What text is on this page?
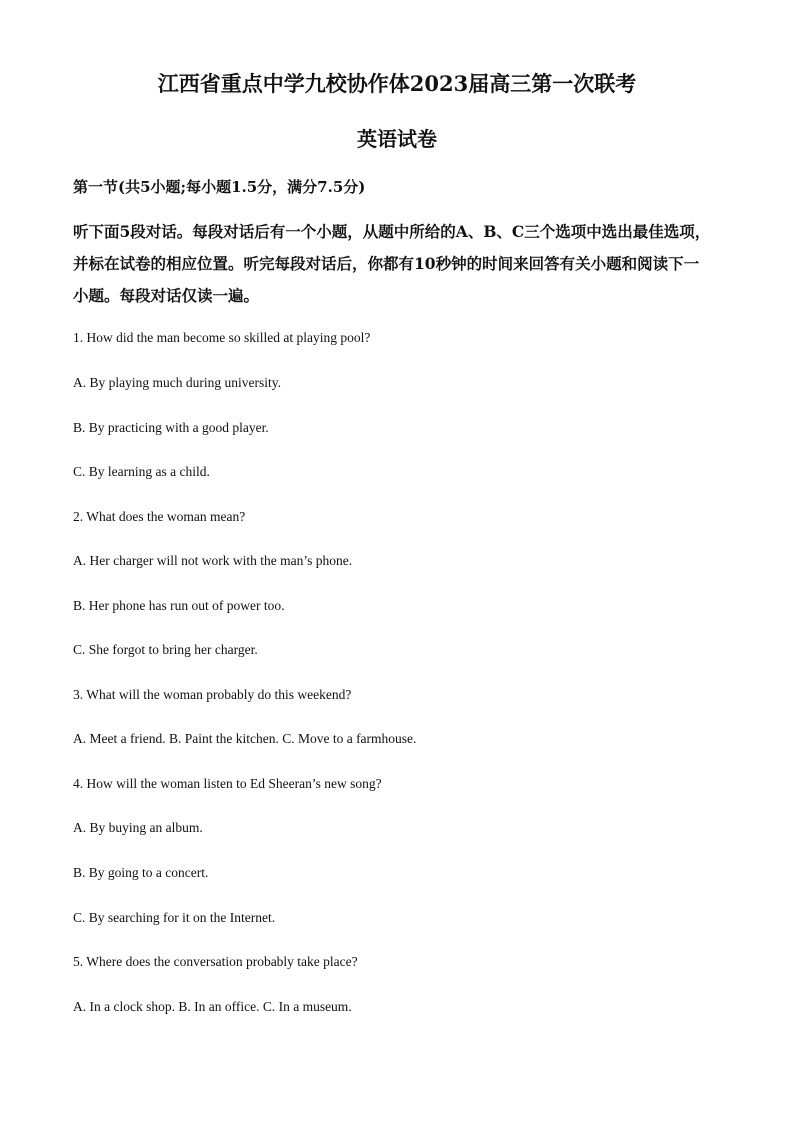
江西省重点中学九校协作体2023届高三第一次联考
英语试卷
第一节(共5小题;每小题1.5分，满分7.5分)
听下面5段对话。每段对话后有一个小题，从题中所给的A、B、C三个选项中选出最佳选项，
并标在试卷的相应位置。听完每段对话后，你都有10秒钟的时间来回答有关小题和阅读下一
小题。每段对话仅读一遍。
1. How did the man become so skilled at playing pool?
A. By playing much during university.
B. By practicing with a good player.
C. By learning as a child.
2. What does the woman mean?
A. Her charger will not work with the man’s phone.
B. Her phone has run out of power too.
C. She forgot to bring her charger.
3. What will the woman probably do this weekend?
A. Meet a friend. B. Paint the kitchen. C. Move to a farmhouse.
4. How will the woman listen to Ed Sheeran’s new song?
A. By buying an album.
B. By going to a concert.
C. By searching for it on the Internet.
5. Where does the conversation probably take place?
A. In a clock shop. B. In an office. C. In a museum.
